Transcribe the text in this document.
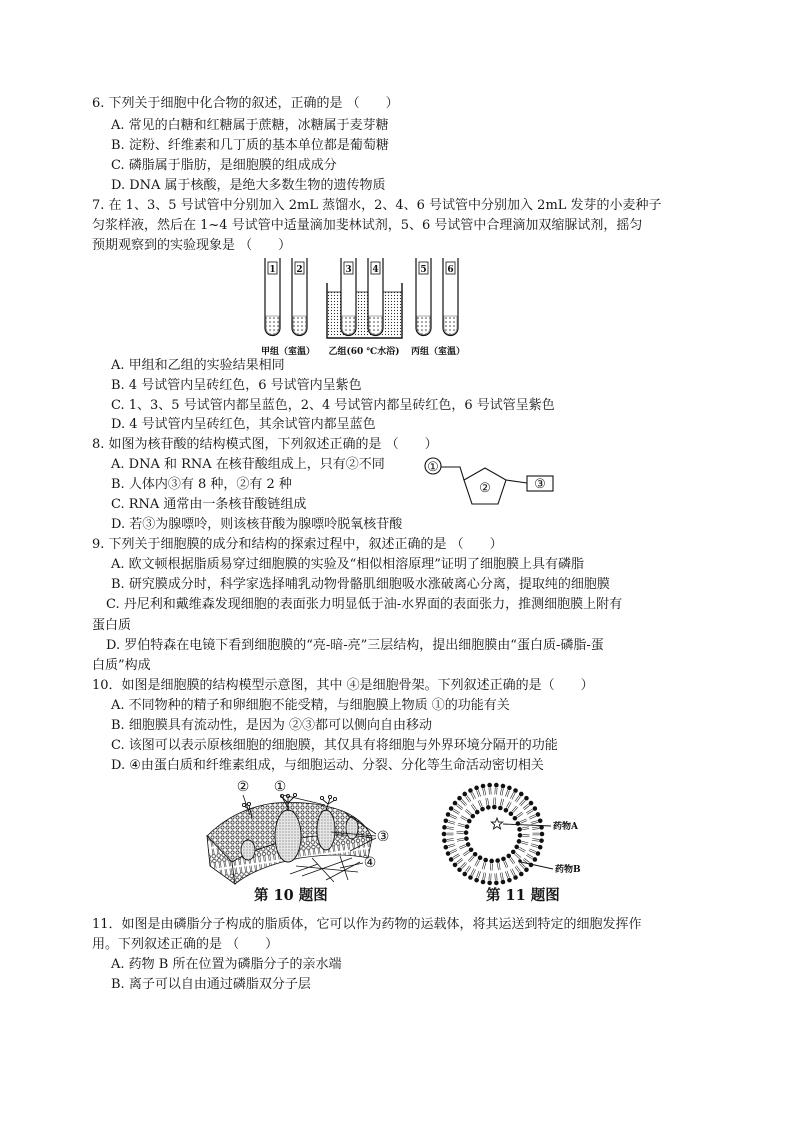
6. 下列关于细胞中化合物的叙述，正确的是 （　　）
A. 常见的白糖和红糖属于蔗糖，冰糖属于麦芽糖
B. 淀粉、纤维素和几丁质的基本单位都是葡萄糖
C. 磷脂属于脂肪，是细胞膜的组成成分
D. DNA 属于核酸，是绝大多数生物的遗传物质
7. 在 1、3、5 号试管中分别加入 2mL 蒸馏水，2、4、6 号试管中分别加入 2mL 发芽的小麦种子
匀浆样液，然后在 1~4 号试管中适量滴加斐林试剂，5、6 号试管中合理滴加双缩脲试剂，摇匀
预期观察到的实验现象是 （　　）
1 2	3 4	5 6
甲组（室温） 乙组(60 ℃水浴) 丙组（室温）
A. 甲组和乙组的实验结果相同
B. 4 号试管内呈砖红色，6 号试管内呈紫色
C. 1、3、5 号试管内都呈蓝色，2、4 号试管内都呈砖红色，6 号试管呈紫色
D. 4 号试管内呈砖红色，其余试管内都呈蓝色
8. 如图为核苷酸的结构模式图，下列叙述正确的是 （　　）
A. DNA 和 RNA 在核苷酸组成上，只有②不同
B. 人体内③有 8 种，②有 2 种
C. RNA 通常由一条核苷酸链组成
D. 若③为腺嘌呤，则该核苷酸为腺嘌呤脱氧核苷酸
①
②	③
9. 下列关于细胞膜的成分和结构的探索过程中，叙述正确的是 （　　）
A. 欧文顿根据脂质易穿过细胞膜的实验及“相似相溶原理”证明了细胞膜上具有磷脂
B. 研究膜成分时，科学家选择哺乳动物骨骼肌细胞吸水涨破离心分离，提取纯的细胞膜
C. 丹尼利和戴维森发现细胞的表面张力明显低于油-水界面的表面张力，推测细胞膜上附有
蛋白质
D. 罗伯特森在电镜下看到细胞膜的“亮-暗-亮”三层结构，提出细胞膜由“蛋白质-磷脂-蛋
白质”构成
10．如图是细胞膜的结构模型示意图，其中 ④是细胞骨架。下列叙述正确的是（　　）
A. 不同物种的精子和卵细胞不能受精，与细胞膜上物质 ①的功能有关
B. 细胞膜具有流动性，是因为 ②③都可以侧向自由移动
C. 该图可以表示原核细胞的细胞膜，其仅具有将细胞与外界环境分隔开的功能
D. ④由蛋白质和纤维素组成，与细胞运动、分裂、分化等生命活动密切相关
② ①
③
④
药物A
药物B
第 10 题图	第 11 题图
11．如图是由磷脂分子构成的脂质体，它可以作为药物的运载体，将其运送到特定的细胞发挥作
用。下列叙述正确的是 （　　）
A. 药物 B 所在位置为磷脂分子的亲水端
B. 离子可以自由通过磷脂双分子层
